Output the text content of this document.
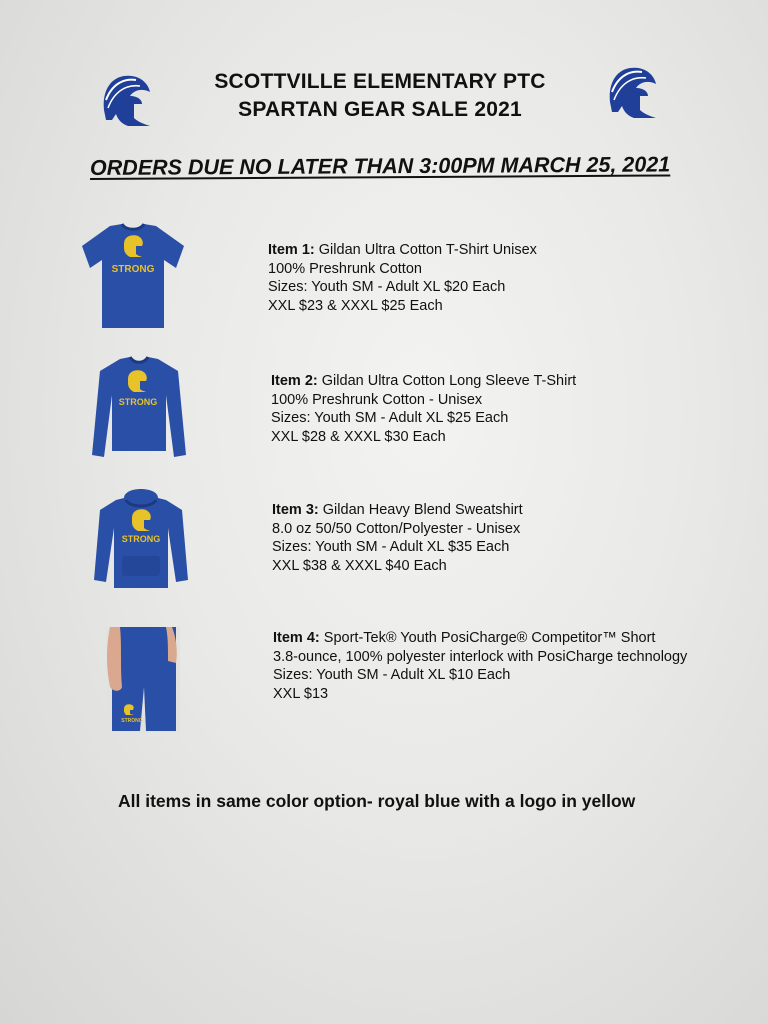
SCOTTVILLE ELEMENTARY PTC
SPARTAN GEAR SALE 2021
ORDERS DUE NO LATER THAN 3:00PM MARCH 25, 2021
STRONG
STRONG
STRONG
STRONG
Item 1: Gildan Ultra Cotton T-Shirt Unisex
100% Preshrunk Cotton
Sizes: Youth SM - Adult XL $20 Each
XXL $23 & XXXL $25 Each
Item 2: Gildan Ultra Cotton Long Sleeve T-Shirt
100% Preshrunk Cotton - Unisex
Sizes: Youth SM - Adult XL $25 Each
XXL $28 & XXXL $30 Each
Item 3: Gildan Heavy Blend Sweatshirt
8.0 oz 50/50 Cotton/Polyester - Unisex
Sizes: Youth SM - Adult XL $35 Each
XXL $38 & XXXL $40 Each
Item 4: Sport-Tek® Youth PosiCharge® Competitor™ Short
3.8-ounce, 100% polyester interlock with PosiCharge technology
Sizes: Youth SM - Adult XL $10 Each
XXL $13
All items in same color option- royal blue with a logo in yellow
